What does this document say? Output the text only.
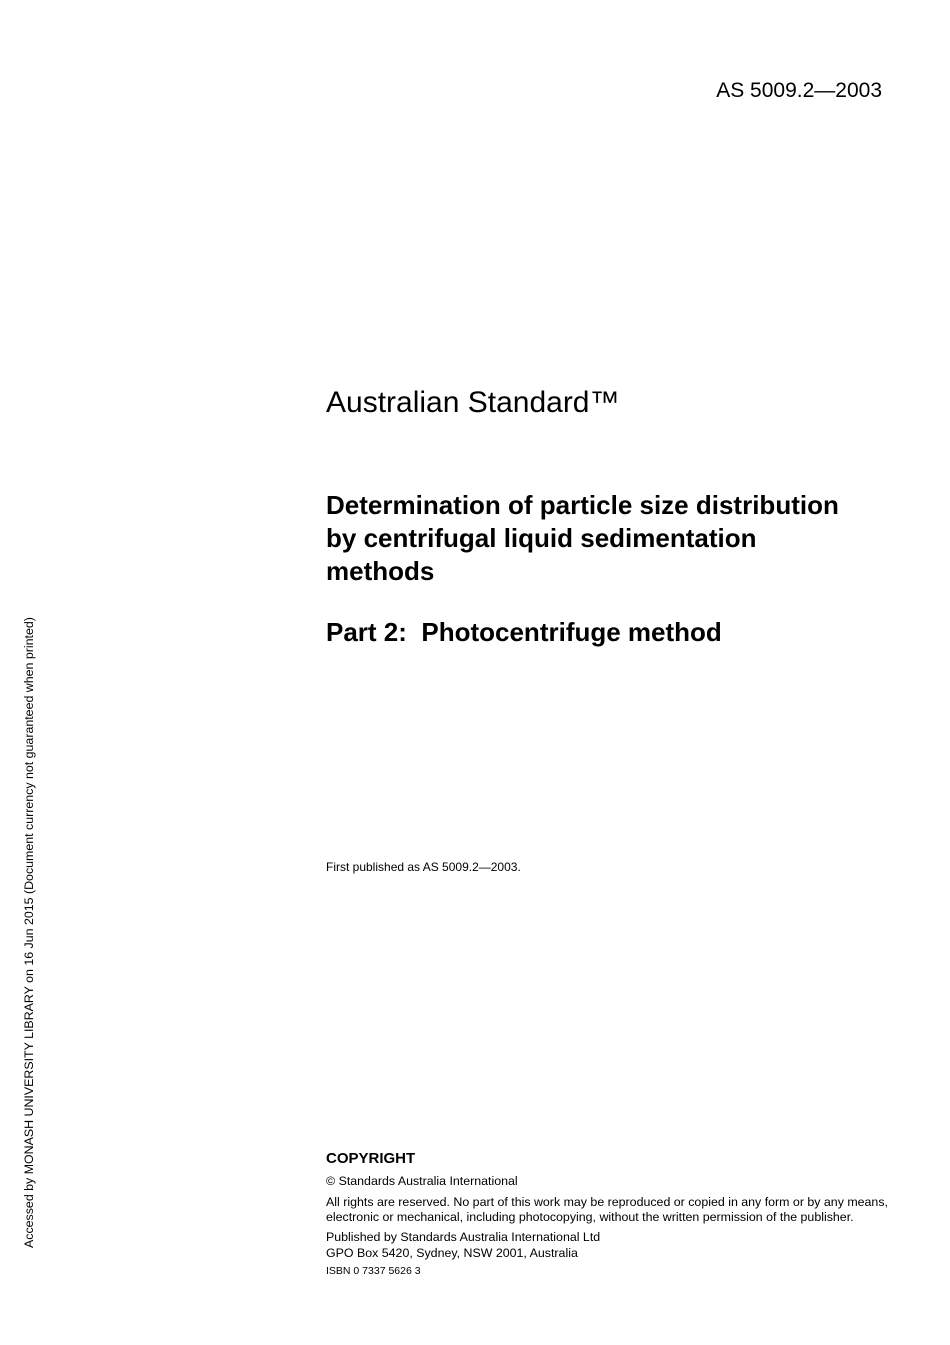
AS 5009.2—2003
Accessed by MONASH UNIVERSITY LIBRARY on 16 Jun 2015 (Document currency not guaranteed when printed)
Australian Standard™
Determination of particle size distribution by centrifugal liquid sedimentation methods
Part 2:  Photocentrifuge method
First published as AS 5009.2—2003.
COPYRIGHT
© Standards Australia International
All rights are reserved. No part of this work may be reproduced or copied in any form or by any means, electronic or mechanical, including photocopying, without the written permission of the publisher.
Published by Standards Australia International Ltd
GPO Box 5420, Sydney, NSW 2001, Australia
ISBN 0 7337 5626 3
